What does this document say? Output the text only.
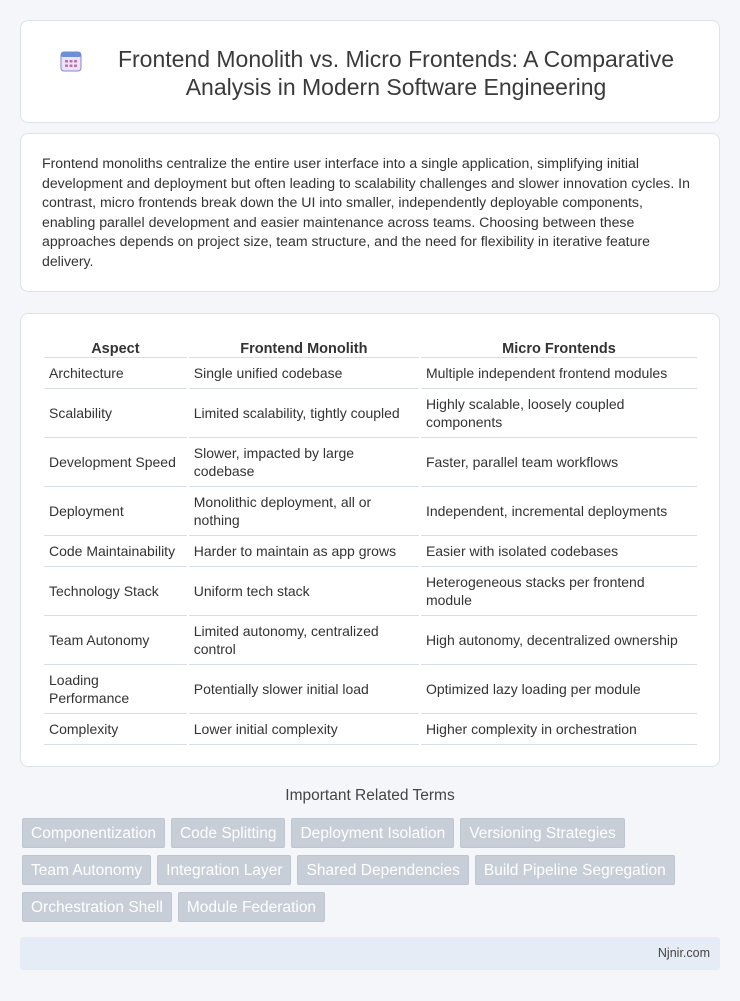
Frontend Monolith vs. Micro Frontends: A Comparative Analysis in Modern Software Engineering

Frontend monoliths centralize the entire user interface into a single application, simplifying initial development and deployment but often leading to scalability challenges and slower innovation cycles. In contrast, micro frontends break down the UI into smaller, independently deployable components, enabling parallel development and easier maintenance across teams. Choosing between these approaches depends on project size, team structure, and the need for flexibility in iterative feature delivery.

Aspect	Frontend Monolith	Micro Frontends
Architecture	Single unified codebase	Multiple independent frontend modules
Scalability	Limited scalability, tightly coupled	Highly scalable, loosely coupled components
Development Speed	Slower, impacted by large codebase	Faster, parallel team workflows
Deployment	Monolithic deployment, all or nothing	Independent, incremental deployments
Code Maintainability	Harder to maintain as app grows	Easier with isolated codebases
Technology Stack	Uniform tech stack	Heterogeneous stacks per frontend module
Team Autonomy	Limited autonomy, centralized control	High autonomy, decentralized ownership
Loading Performance	Potentially slower initial load	Optimized lazy loading per module
Complexity	Lower initial complexity	Higher complexity in orchestration
Important Related Terms
Componentization	Code Splitting	Deployment Isolation	Versioning Strategies
Team Autonomy	Integration Layer	Shared Dependencies	Build Pipeline Segregation
Orchestration Shell	Module Federation
Njnir.com
